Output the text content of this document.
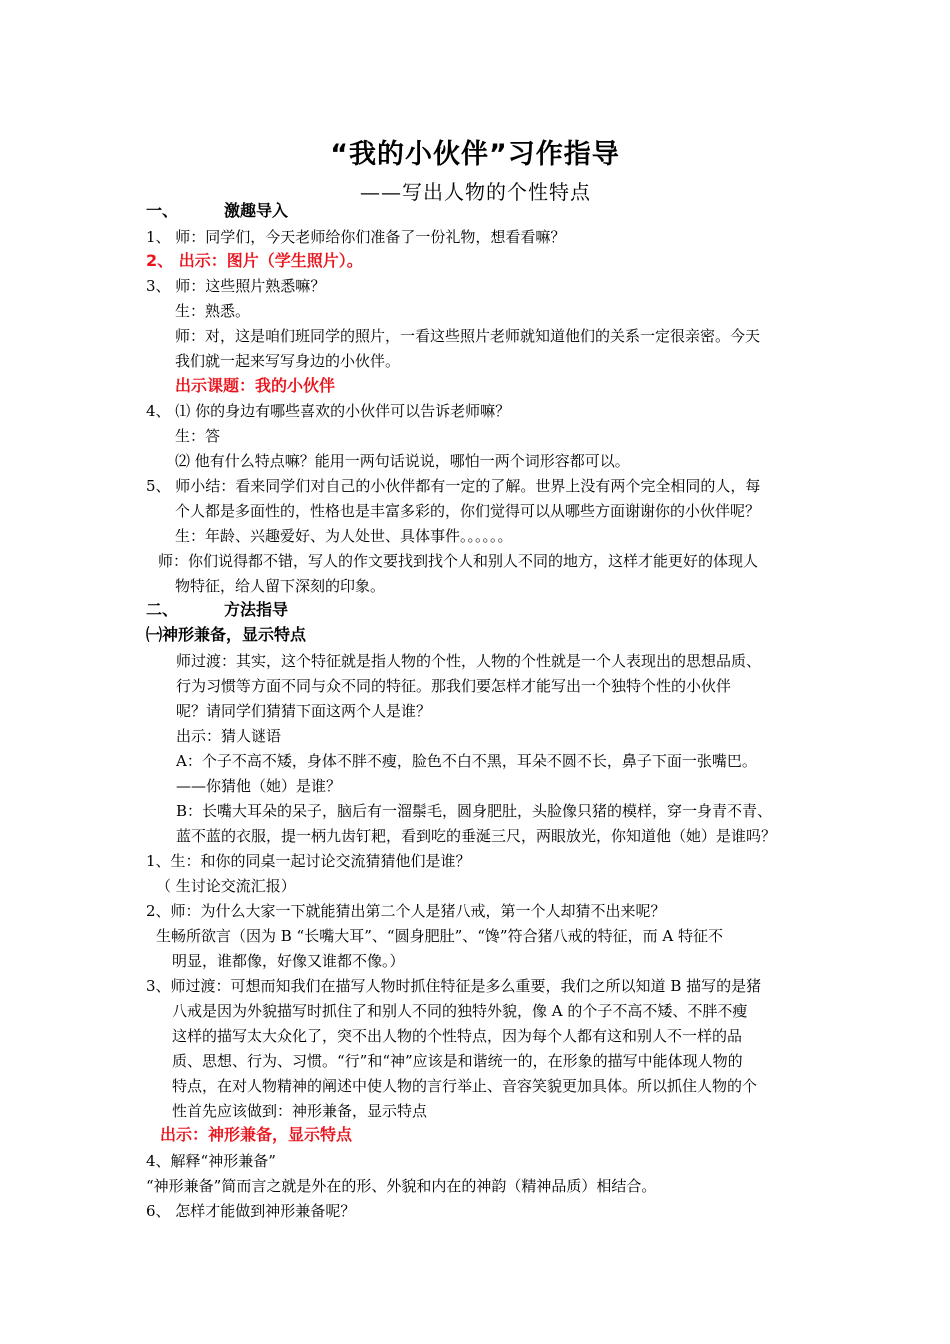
“我的小伙伴”习作指导
——写出人物的个性特点
一、	激趣导入
1、 师：同学们，今天老师给你们准备了一份礼物，想看看嘛？
2、 出示：图片（学生照片）。
3、 师：这些照片熟悉嘛？
生：熟悉。
师：对，这是咱们班同学的照片，一看这些照片老师就知道他们的关系一定很亲密。今天
我们就一起来写写身边的小伙伴。
出示课题：我的小伙伴
4、 ⑴ 你的身边有哪些喜欢的小伙伴可以告诉老师嘛？
生：答
⑵ 他有什么特点嘛？能用一两句话说说，哪怕一两个词形容都可以。
5、 师小结：看来同学们对自己的小伙伴都有一定的了解。世界上没有两个完全相同的人，每
个人都是多面性的，性格也是丰富多彩的，你们觉得可以从哪些方面谢谢你的小伙伴呢？
生：年龄、兴趣爱好、为人处世、具体事件。。。。。。
师：你们说得都不错，写人的作文要找到找个人和别人不同的地方，这样才能更好的体现人
物特征，给人留下深刻的印象。
二、	方法指导
㈠神形兼备，显示特点
师过渡：其实，这个特征就是指人物的个性，人物的个性就是一个人表现出的思想品质、
行为习惯等方面不同与众不同的特征。那我们要怎样才能写出一个独特个性的小伙伴
呢？请同学们猜猜下面这两个人是谁？
出示：猜人谜语
A：个子不高不矮，身体不胖不瘦，脸色不白不黑，耳朵不圆不长，鼻子下面一张嘴巴。
——你猜他（她）是谁？
B：长嘴大耳朵的呆子，脑后有一溜鬃毛，圆身肥肚，头脸像只猪的模样，穿一身青不青、
蓝不蓝的衣服，提一柄九齿钉耙，看到吃的垂涎三尺，两眼放光，你知道他（她）是谁吗？
1、生：和你的同桌一起讨论交流猜猜他们是谁？
（ 生讨论交流汇报）
2、师：为什么大家一下就能猜出第二个人是猪八戒，第一个人却猜不出来呢？
生畅所欲言（因为 B “长嘴大耳”、“圆身肥肚”、“馋”符合猪八戒的特征，而 A 特征不
明显，谁都像，好像又谁都不像。）
3、师过渡：可想而知我们在描写人物时抓住特征是多么重要，我们之所以知道 B 描写的是猪
八戒是因为外貌描写时抓住了和别人不同的独特外貌，像 A 的个子不高不矮、不胖不瘦
这样的描写太大众化了，突不出人物的个性特点，因为每个人都有这和别人不一样的品
质、思想、行为、习惯。“行”和“神”应该是和谐统一的，在形象的描写中能体现人物的
特点，在对人物精神的阐述中使人物的言行举止、音容笑貌更加具体。所以抓住人物的个
性首先应该做到：神形兼备，显示特点
出示：神形兼备，显示特点
4、解释“神形兼备”
“神形兼备”简而言之就是外在的形、外貌和内在的神韵（精神品质）相结合。
6、 怎样才能做到神形兼备呢？
